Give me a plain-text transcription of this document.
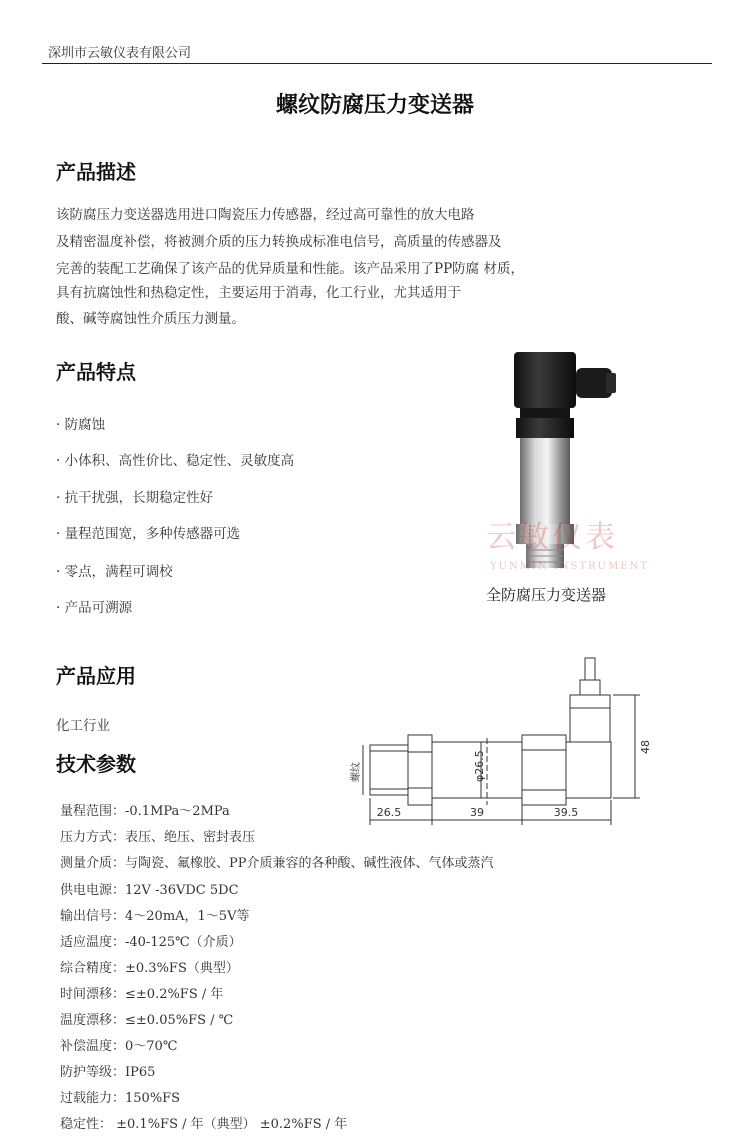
深圳市云敏仪表有限公司
螺纹防腐压力变送器
产品描述
该防腐压力变送器选用进口陶瓷压力传感器，经过高可靠性的放大电路
及精密温度补偿，将被测介质的压力转换成标准电信号，高质量的传感器及
完善的装配工艺确保了该产品的优异质量和性能。该产品采用了PP防腐 材质，
具有抗腐蚀性和热稳定性，主要运用于消毒，化工行业，尤其适用于
酸、碱等腐蚀性介质压力测量。
产品特点
· 防腐蚀
· 小体积、高性价比、稳定性、灵敏度高
· 抗干扰强，长期稳定性好
· 量程范围宽，多种传感器可选
· 零点，满程可调校
· 产品可溯源
云敏仪表
YUNMIN INSTRUMENT
全防腐压力变送器
产品应用
化工行业
螺纹	φ26.5
26.5	39	39.5
48
技术参数
量程范围：-0.1MPa～2MPa
压力方式：表压、绝压、密封表压
测量介质：与陶瓷、氟橡胶、PP介质兼容的各种酸、碱性液体、气体或蒸汽
供电电源：12V -36VDC 5DC
输出信号：4～20mA，1～5V等
适应温度：-40-125℃（介质）
综合精度：±0.3%FS（典型）
时间漂移：≤±0.2%FS / 年
温度漂移：≤±0.05%FS / ℃
补偿温度：0～70℃
防护等级：IP65
过载能力：150%FS
稳定性： ±0.1%FS / 年（典型） ±0.2%FS / 年
